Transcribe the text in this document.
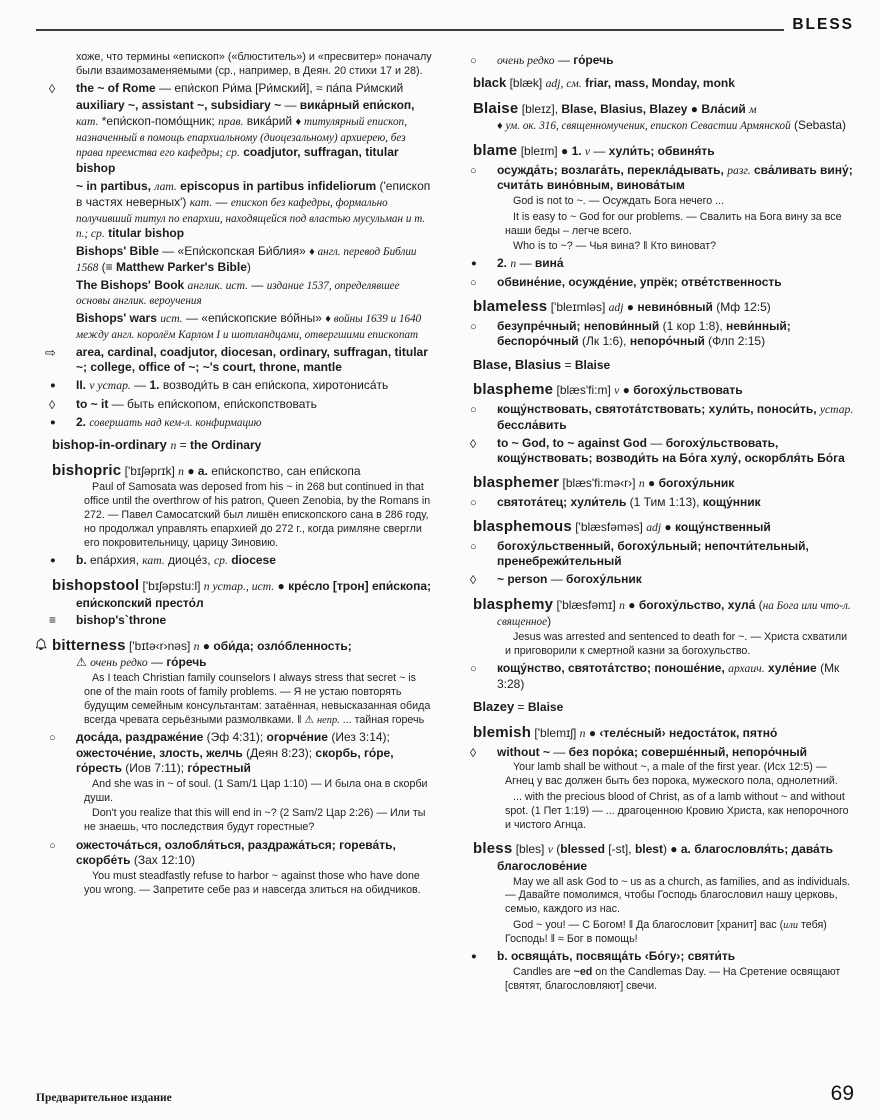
BLESS
хоже, что термины «епископ» («блюститель») и «пресвитер» поначалу были взаимозаменяемыми (ср., например, в Деян. 20 стихи 17 и 28).
◊	the ~ of Rome — епи́скоп Ри́ма [Ри́мский], ≈ па́па Ри́мский
auxiliary ~, assistant ~, subsidiary ~ — вика́рный епи́скоп, кат. *епи́скоп-помо́щник; прав. вика́рий ♦ титулярный епископ, назначенный в помощь епархиальному (диоцезальному) архиерею, без права преемства его кафедры; ср. coadjutor, suffragan, titular bishop
~ in partibus, лат. episcopus in partibus infideliorum ('епископ в частях неверных') кат. — епископ без кафедры, формально получивший титул по епархии, находящейся под властью мусульман и т. п.; ср. titular bishop
Bishops' Bible — «Епи́скопская Би́блия» ♦ англ. перевод Библии 1568 (≡ Matthew Parker's Bible)
The Bishops' Book англик. ист. — издание 1537, определявшее основы англик. вероучения
Bishops' wars ист. — «епи́скопские во́йны» ♦ войны 1639 и 1640 между англ. королём Карлом I и шотландцами, отвергшими епископат
⇨	area, cardinal, coadjutor, diocesan, ordinary, suffragan, titular ~; college, office of ~; ~'s court, throne, mantle
●	II. v устар. — 1. возводи́ть в сан епи́скопа, хиротониса́ть
◊	to ~ it — быть епи́скопом, епи́скопствовать
●	2. совершать над кем-л. конфирмацию
bishop-in-ordinary n = the Ordinary
bishopric ['bɪʃəprɪk] n ● a. епи́скопство, сан епи́скопа
Paul of Samosata was deposed from his ~ in 268 but continued in that office until the overthrow of his patron, Queen Zenobia, by the Romans in 272. — Павел Самосатский был лишён епископского сана в 286 году, но продолжал управлять епархией до 272 г., когда римляне свергли его покровительницу, царицу Зиновию.
●	b. епа́рхия, кат. диоце́з, ср. diocese
bishopstool ['bɪʃəpstu:l] n устар., ист. ● кре́сло [трон] епи́скопа; епи́скопский престо́л
≡	bishop's`throne
bitterness ['bɪtə‹r›nəs] n ● оби́да; озло́бленность;
⚠ очень редко — го́речь
As I teach Christian family counselors I always stress that secret ~ is one of the main roots of family problems. — Я не устаю повторять будущим семейным консультантам: затаённая, невысказанная обида всегда чревата серьёзными размолвками. ‖ ⚠ непр. ... тайная горечь
○	доса́да, раздраже́ние (Эф 4:31); огорче́ние (Иез 3:14); ожесточе́ние, злость, желчь (Деян 8:23); скорбь, го́ре, го́ресть (Иов 7:11); го́рестный
And she was in ~ of soul. (1 Sam/1 Цар 1:10) — И была она в скорби души.
Don't you realize that this will end in ~? (2 Sam/2 Цар 2:26) — Или ты не знаешь, что последствия будут горестные?
○	ожесточа́ться, озлобля́ться, раздража́ться; горева́ть, скорбе́ть (Зах 12:10)
You must steadfastly refuse to harbor ~ against those who have done you wrong. — Запретите себе раз и навсегда злиться на обидчиков.
○	очень редко — го́речь
black [blæk] adj, см. friar, mass, Monday, monk
Blaise [bleɪz], Blase, Blasius, Blazey ● Вла́сий м
♦ ум. ок. 316, священномученик, епископ Севастии Армянской (Sebasta)
blame [bleɪm] ● 1. v — хули́ть; обвиня́ть
○	осужда́ть; возлага́ть, перекла́дывать, разг. сва́ливать вину́; счита́ть вино́вным, винова́тым
God is not to ~. — Осуждать Бога нечего ...
It is easy to ~ God for our problems. — Свалить на Бога вину за все наши беды – легче всего.
Who is to ~? — Чья вина? ‖ Кто виноват?
●	2. n — вина́
○	обвине́ние, осужде́ние, упрёк; отве́тственность
blameless ['bleɪmləs] adj ● невино́вный (Мф 12:5)
○	безупре́чный; непови́нный (1 кор 1:8), неви́нный; беспоро́чный (Лк 1:6), непоро́чный (Флп 2:15)
Blase, Blasius = Blaise
blaspheme [blæs'fi:m] v ● богоху́льствовать
○	кощу́нствовать, святота́тствовать; хули́ть, поноси́ть, устар. бессла́вить
◊	to ~ God, to ~ against God — богоху́льствовать, кощу́нствовать; возводи́ть на Бо́га хулу́, оскорбля́ть Бо́га
blasphemer [blæs'fi:mə‹r›] n ● богоху́льник
○	святота́тец; хули́тель (1 Тим 1:13), кощу́нник
blasphemous ['blæsfəməs] adj ● кощу́нственный
○	богоху́льственный, богоху́льный; непочти́тельный, пренебрежи́тельный
◊	~ person — богоху́льник
blasphemy ['blæsfəmɪ] n ● богоху́льство, хула́ (на Бога или что-л. священное)
Jesus was arrested and sentenced to death for ~. — Христа схватили и приговорили к смертной казни за богохульство.
○	кощу́нство, святота́тство; поноше́ние, архаич. хуле́ние (Мк 3:28)
Blazey = Blaise
blemish ['blemɪʃ] n ● ‹теле́сный› недоста́ток, пятно́
◊	without ~ — без поро́ка; соверше́нный, непоро́чный
Your lamb shall be without ~, a male of the first year. (Исх 12:5) — Агнец у вас должен быть без порока, мужеского пола, однолетний.
... with the precious blood of Christ, as of a lamb without ~ and without spot. (1 Пет 1:19) — ... драгоценною Кровию Христа, как непорочного и чистого Агнца.
bless [bles] v (blessed [-st], blest) ● a. благословля́ть; дава́ть благослове́ние
May we all ask God to ~ us as a church, as families, and as individuals. — Давайте помолимся, чтобы Господь благословил нашу церковь, семью, каждого из нас.
God ~ you! — С Богом! ‖ Да благословит [хранит] вас (или тебя) Господь! ‖ ≈ Бог в помощь!
●	b. освяща́ть, посвяща́ть ‹Бо́гу›; святи́ть
Candles are ~ed on the Candlemas Day. — На Сретение освящают [святят, благословляют] свечи.
Предварительное издание	69
